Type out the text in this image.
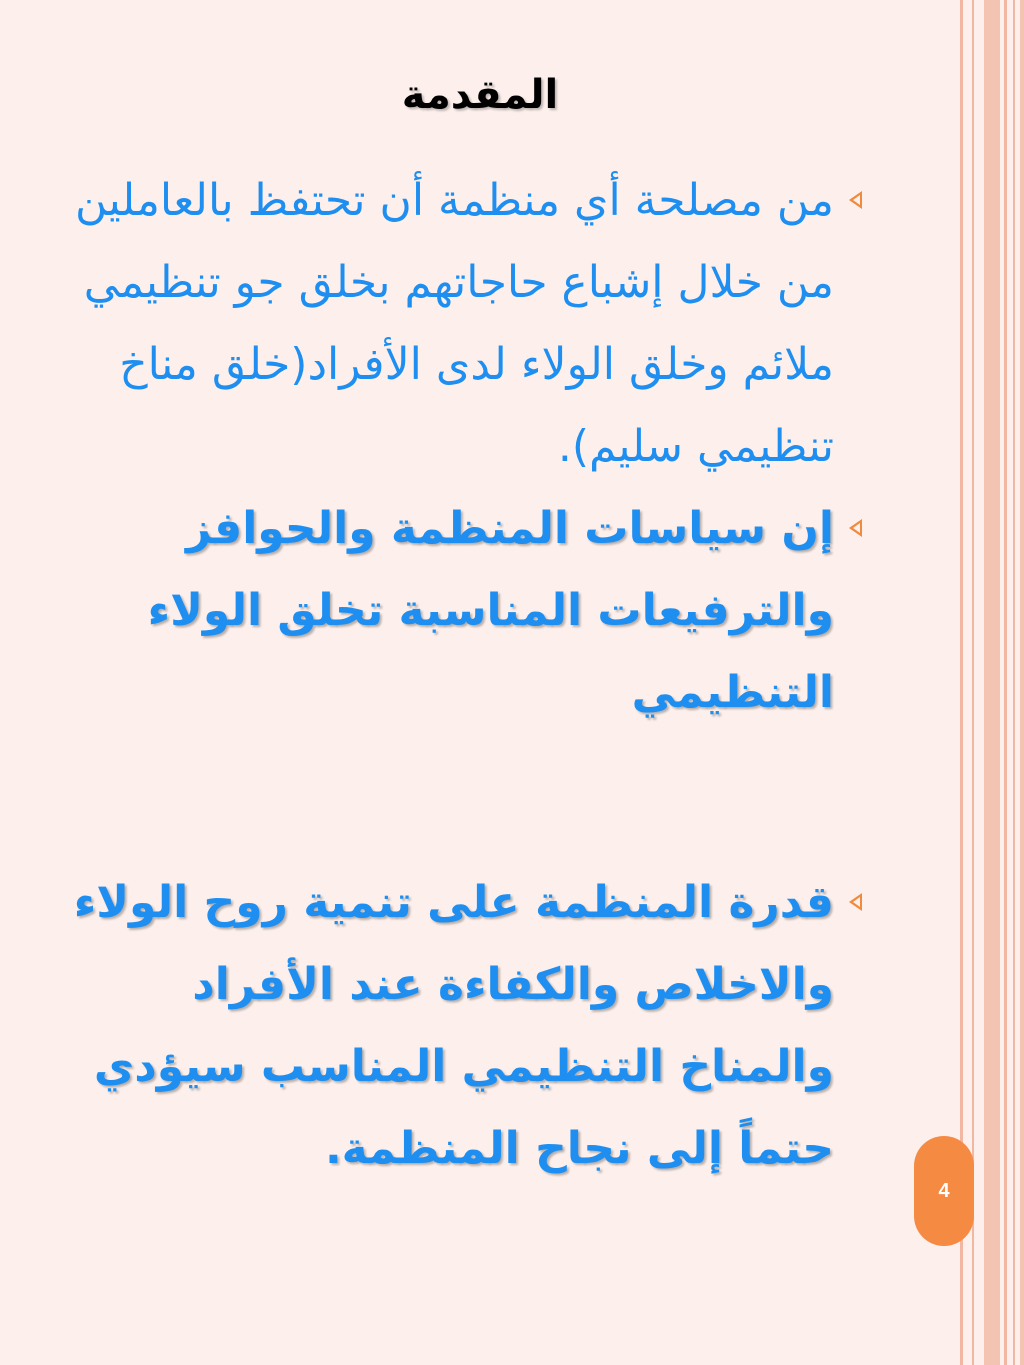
المقدمة
من مصلحة أي منظمة أن تحتفظ بالعاملين من خلال إشباع حاجاتهم بخلق جو تنظيمي ملائم وخلق الولاء لدى الأفراد(خلق مناخ تنظيمي سليم).
إن سياسات المنظمة والحوافز والترفيعات المناسبة تخلق الولاء التنظيمي
قدرة المنظمة على تنمية روح الولاء والاخلاص والكفاءة عند الأفراد والمناخ التنظيمي المناسب سيؤدي حتماً إلى نجاح المنظمة.
4
